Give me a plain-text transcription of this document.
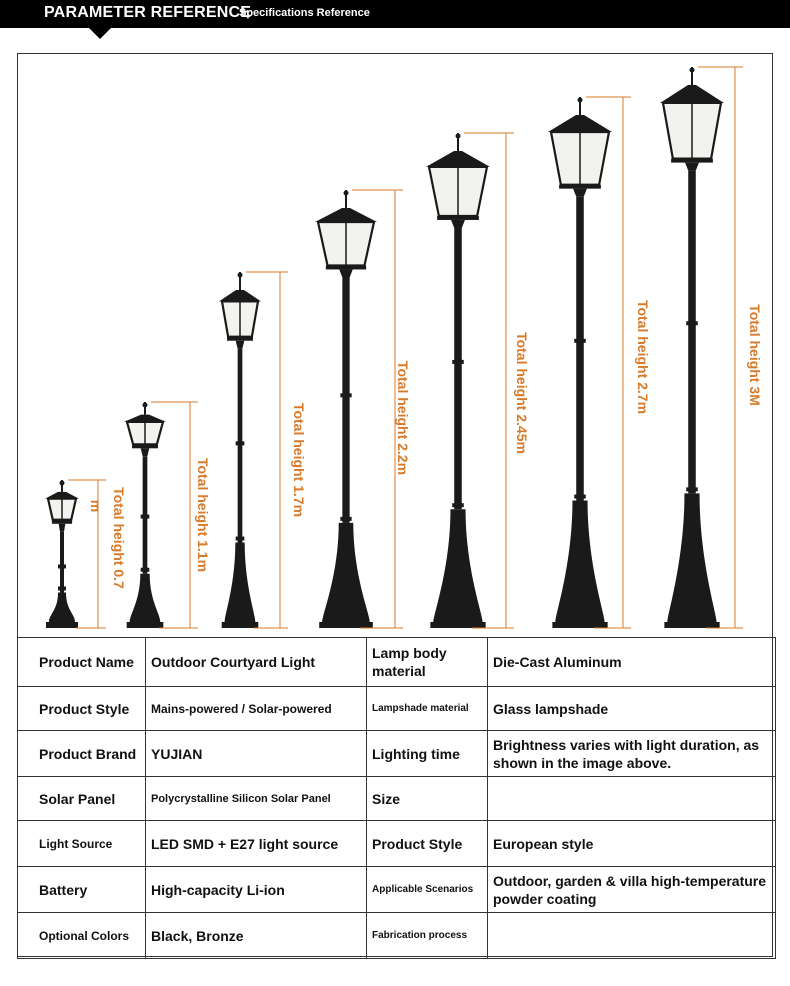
PARAMETER REFERENCE
Specifications Reference
Total height 0.7
m	Total height 1.1m	Total height 1.7m	Total height 2.2m	Total height 2.45m	Total height 2.7m	Total height 3M
Product Name	Outdoor Courtyard Light	Lamp body material	Die-Cast Aluminum
Product Style	Mains-powered / Solar-powered	Lampshade material	Glass lampshade
Product Brand	YUJIAN	Lighting time	Brightness varies with light duration, as shown in the image above.
Solar Panel	Polycrystalline Silicon Solar Panel	Size	
Light Source	LED SMD + E27 light source	Product Style	European style
Battery	High-capacity Li-ion	Applicable Scenarios	Outdoor, garden & villa high-temperature powder coating
Optional Colors	Black, Bronze	Fabrication process	
